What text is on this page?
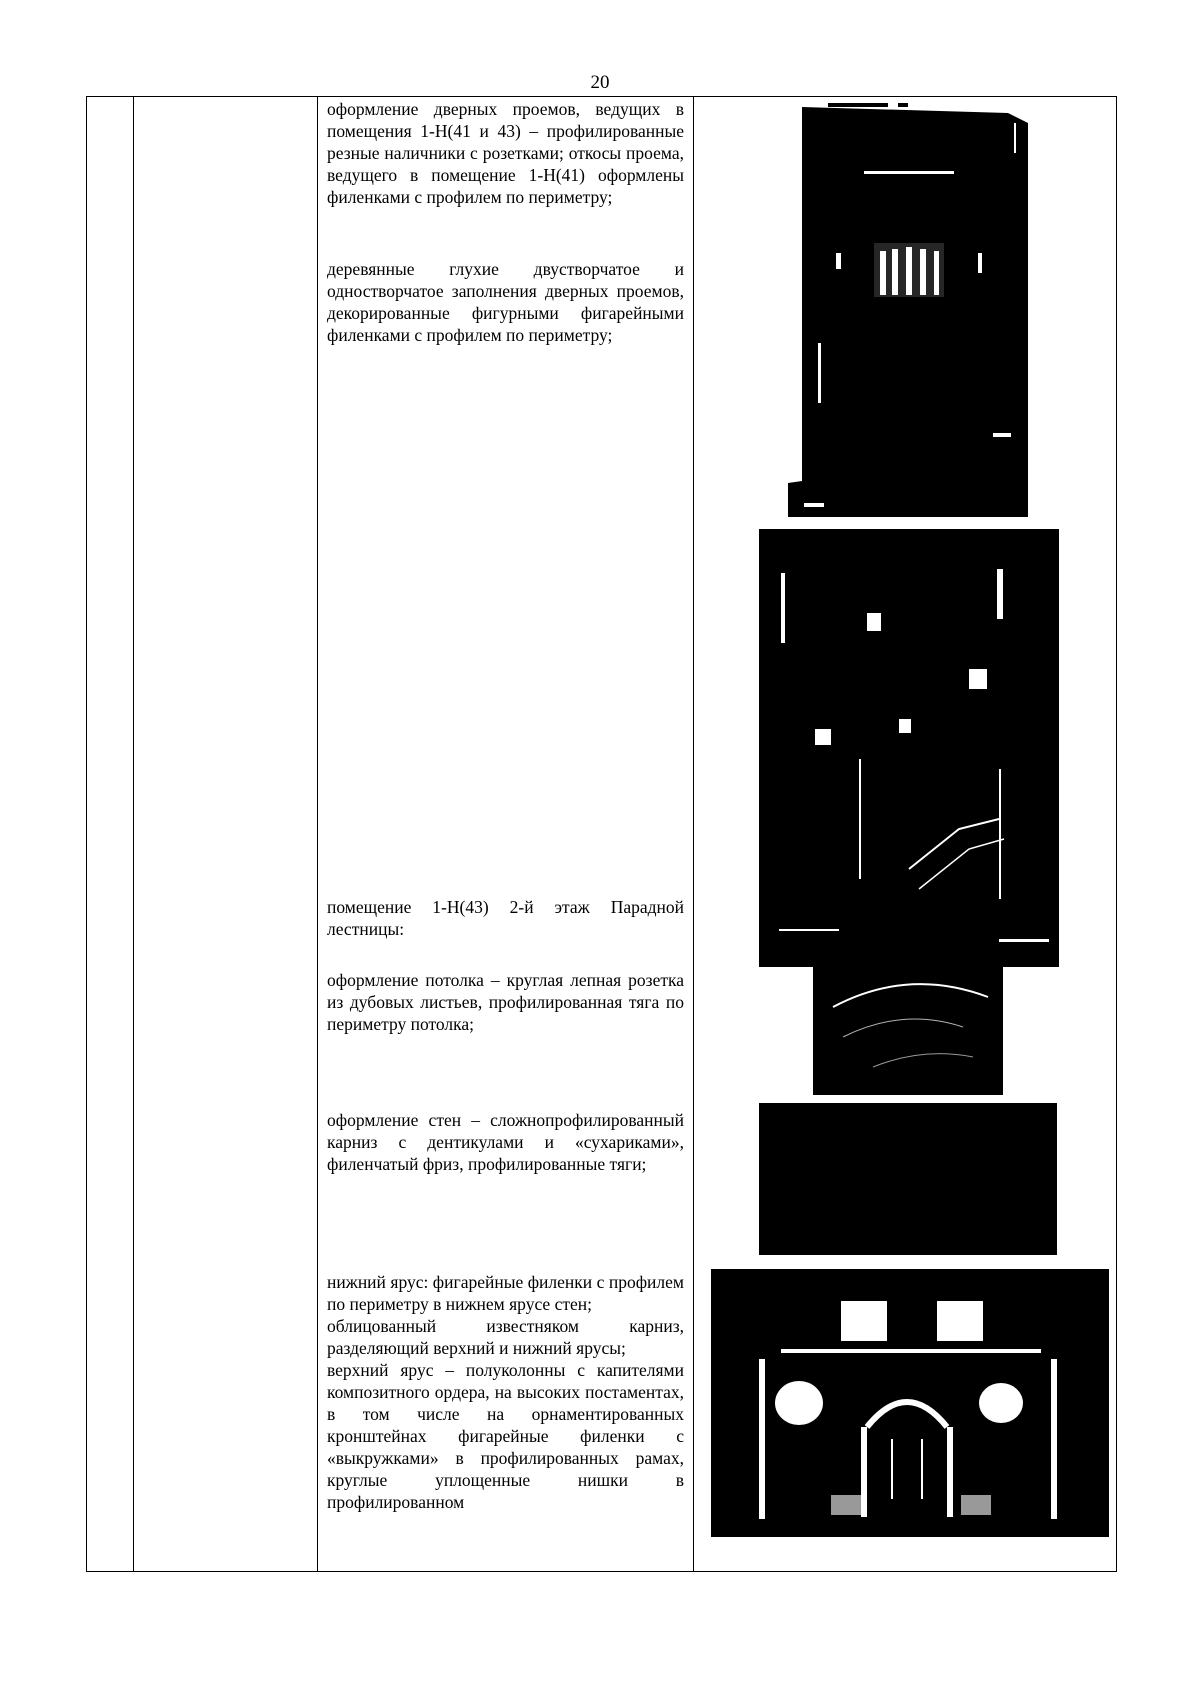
20

оформление дверных проемов, ведущих в помещения 1-Н(41 и 43) – профилированные резные наличники с розетками; откосы проема, ведущего в помещение 1-Н(41) оформлены филенками с профилем по периметру;

деревянные глухие двустворчатое и одностворчатое заполнения дверных проемов, декорированные фигурными фигарейными филенками с профилем по периметру;

помещение 1-Н(43) 2-й этаж Парадной лестницы:

оформление потолка – круглая лепная розетка из дубовых листьев, профилированная тяга по периметру потолка;

оформление стен – сложнопрофилированный карниз с дентикулами и «сухариками», филенчатый фриз, профилированные тяги;

нижний ярус: фигарейные филенки с профилем по периметру в нижнем ярусе стен;

облицованный известняком карниз, разделяющий верхний и нижний ярусы;

верхний ярус – полуколонны с капителями композитного ордера, на высоких постаментах, в том числе на орнаментированных кронштейнах фигарейные филенки с «выкружками» в профилированных рамах, круглые уплощенные нишки в профилированном
